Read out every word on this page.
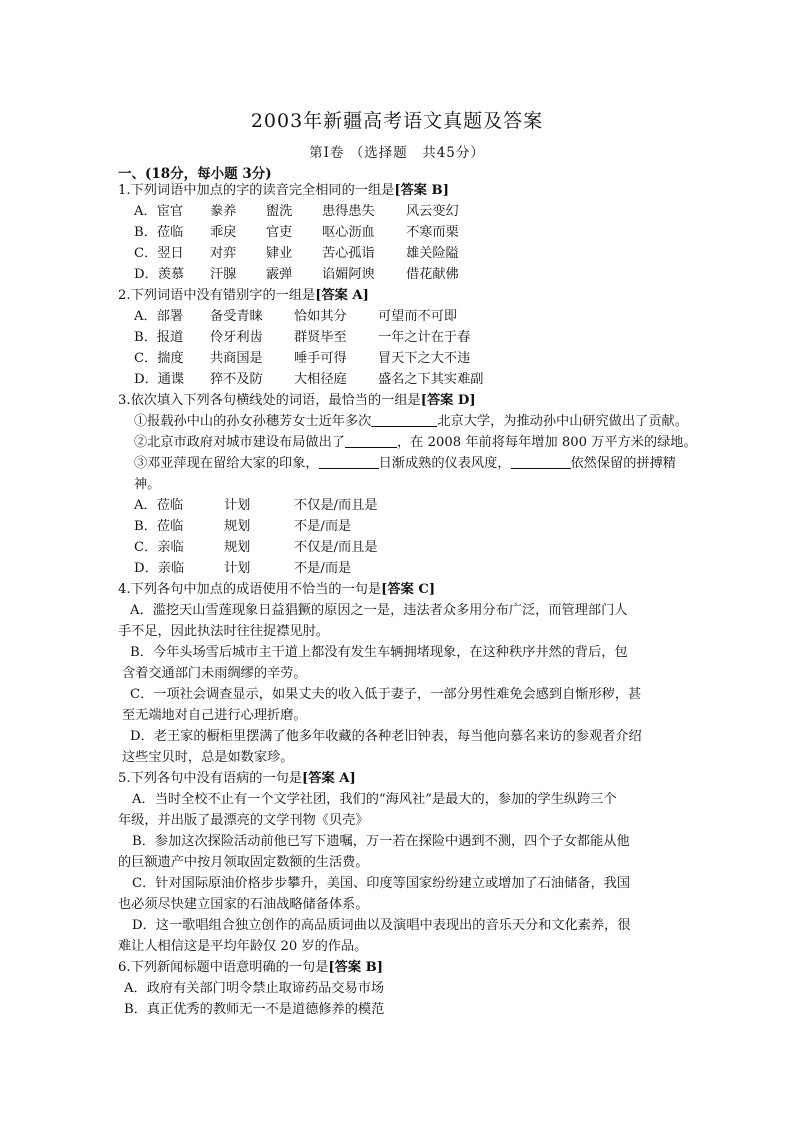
2003年新疆高考语文真题及答案
第Ⅰ卷 （选择题　共45分）
一、(18分，每小题 3分)
1.下列词语中加点的字的读音完全相同的一组是[答案 B]
A．宦官 豢养 盥洗 患得患失 风云变幻
B．莅临 乖戾 官吏 呕心沥血 不寒而栗
C．翌日 对弈 肄业 苦心孤诣 雄关险隘
D．羡慕 汗腺 霰弹 谄媚阿谀 借花献佛
2.下列词语中没有错别字的一组是[答案 A]
A．部署 备受青睐 恰如其分 可望而不可即
B．报道 伶牙利齿 群贤毕至 一年之计在于春
C．揣度 共商国是 唾手可得 冒天下之大不违
D．通谍 猝不及防 大相径庭 盛名之下其实难副
3.依次填入下列各句横线处的词语，最恰当的一组是[答案 D]
①报载孙中山的孙女孙穗芳女士近年多次	北京大学，为推动孙中山研究做出了贡献。
②北京市政府对城市建设布局做出了	，在 2008 年前将每年增加 800 万平方米的绿地。
③邓亚萍现在留给大家的印象，	日渐成熟的仪表风度，	依然保留的拼搏精
神。
A．莅临	计划	不仅是/而且是
B．莅临	规划	不是/而是
C．亲临	规划	不仅是/而且是
D．亲临	计划	不是/而是
4.下列各句中加点的成语使用不恰当的一句是[答案 C]
A．滥挖天山雪莲现象日益猖獗的原因之一是，违法者众多用分布广泛，而管理部门人
手不足，因此执法时往往捉襟见肘。
B．今年头场雪后城市主干道上都没有发生车辆拥堵现象，在这种秩序井然的背后，包
含着交通部门未雨绸缪的辛劳。
C．一项社会调查显示，如果丈夫的收入低于妻子，一部分男性难免会感到自惭形秽，甚
至无端地对自己进行心理折磨。
D．老王家的橱柜里摆满了他多年收藏的各种老旧钟表，每当他向慕名来访的参观者介绍
这些宝贝时，总是如数家珍。
5.下列各句中没有语病的一句是[答案 A]
A．当时全校不止有一个文学社团，我们的“海风社”是最大的，参加的学生纵跨三个
年级，并出版了最漂亮的文学刊物《贝壳》
B．参加这次探险活动前他已写下遗嘱，万一若在探险中遇到不测，四个子女都能从他
的巨额遗产中按月领取固定数额的生活费。
C．针对国际原油价格步步攀升，美国、印度等国家纷纷建立或增加了石油储备，我国
也必须尽快建立国家的石油战略储备体系。
D．这一歌唱组合独立创作的高品质词曲以及演唱中表现出的音乐天分和文化素养，很
难让人相信这是平均年龄仅 20 岁的作品。
6.下列新闻标题中语意明确的一句是[答案 B]
A．政府有关部门明令禁止取谛药品交易市场
B．真正优秀的教师无一不是道德修养的模范
